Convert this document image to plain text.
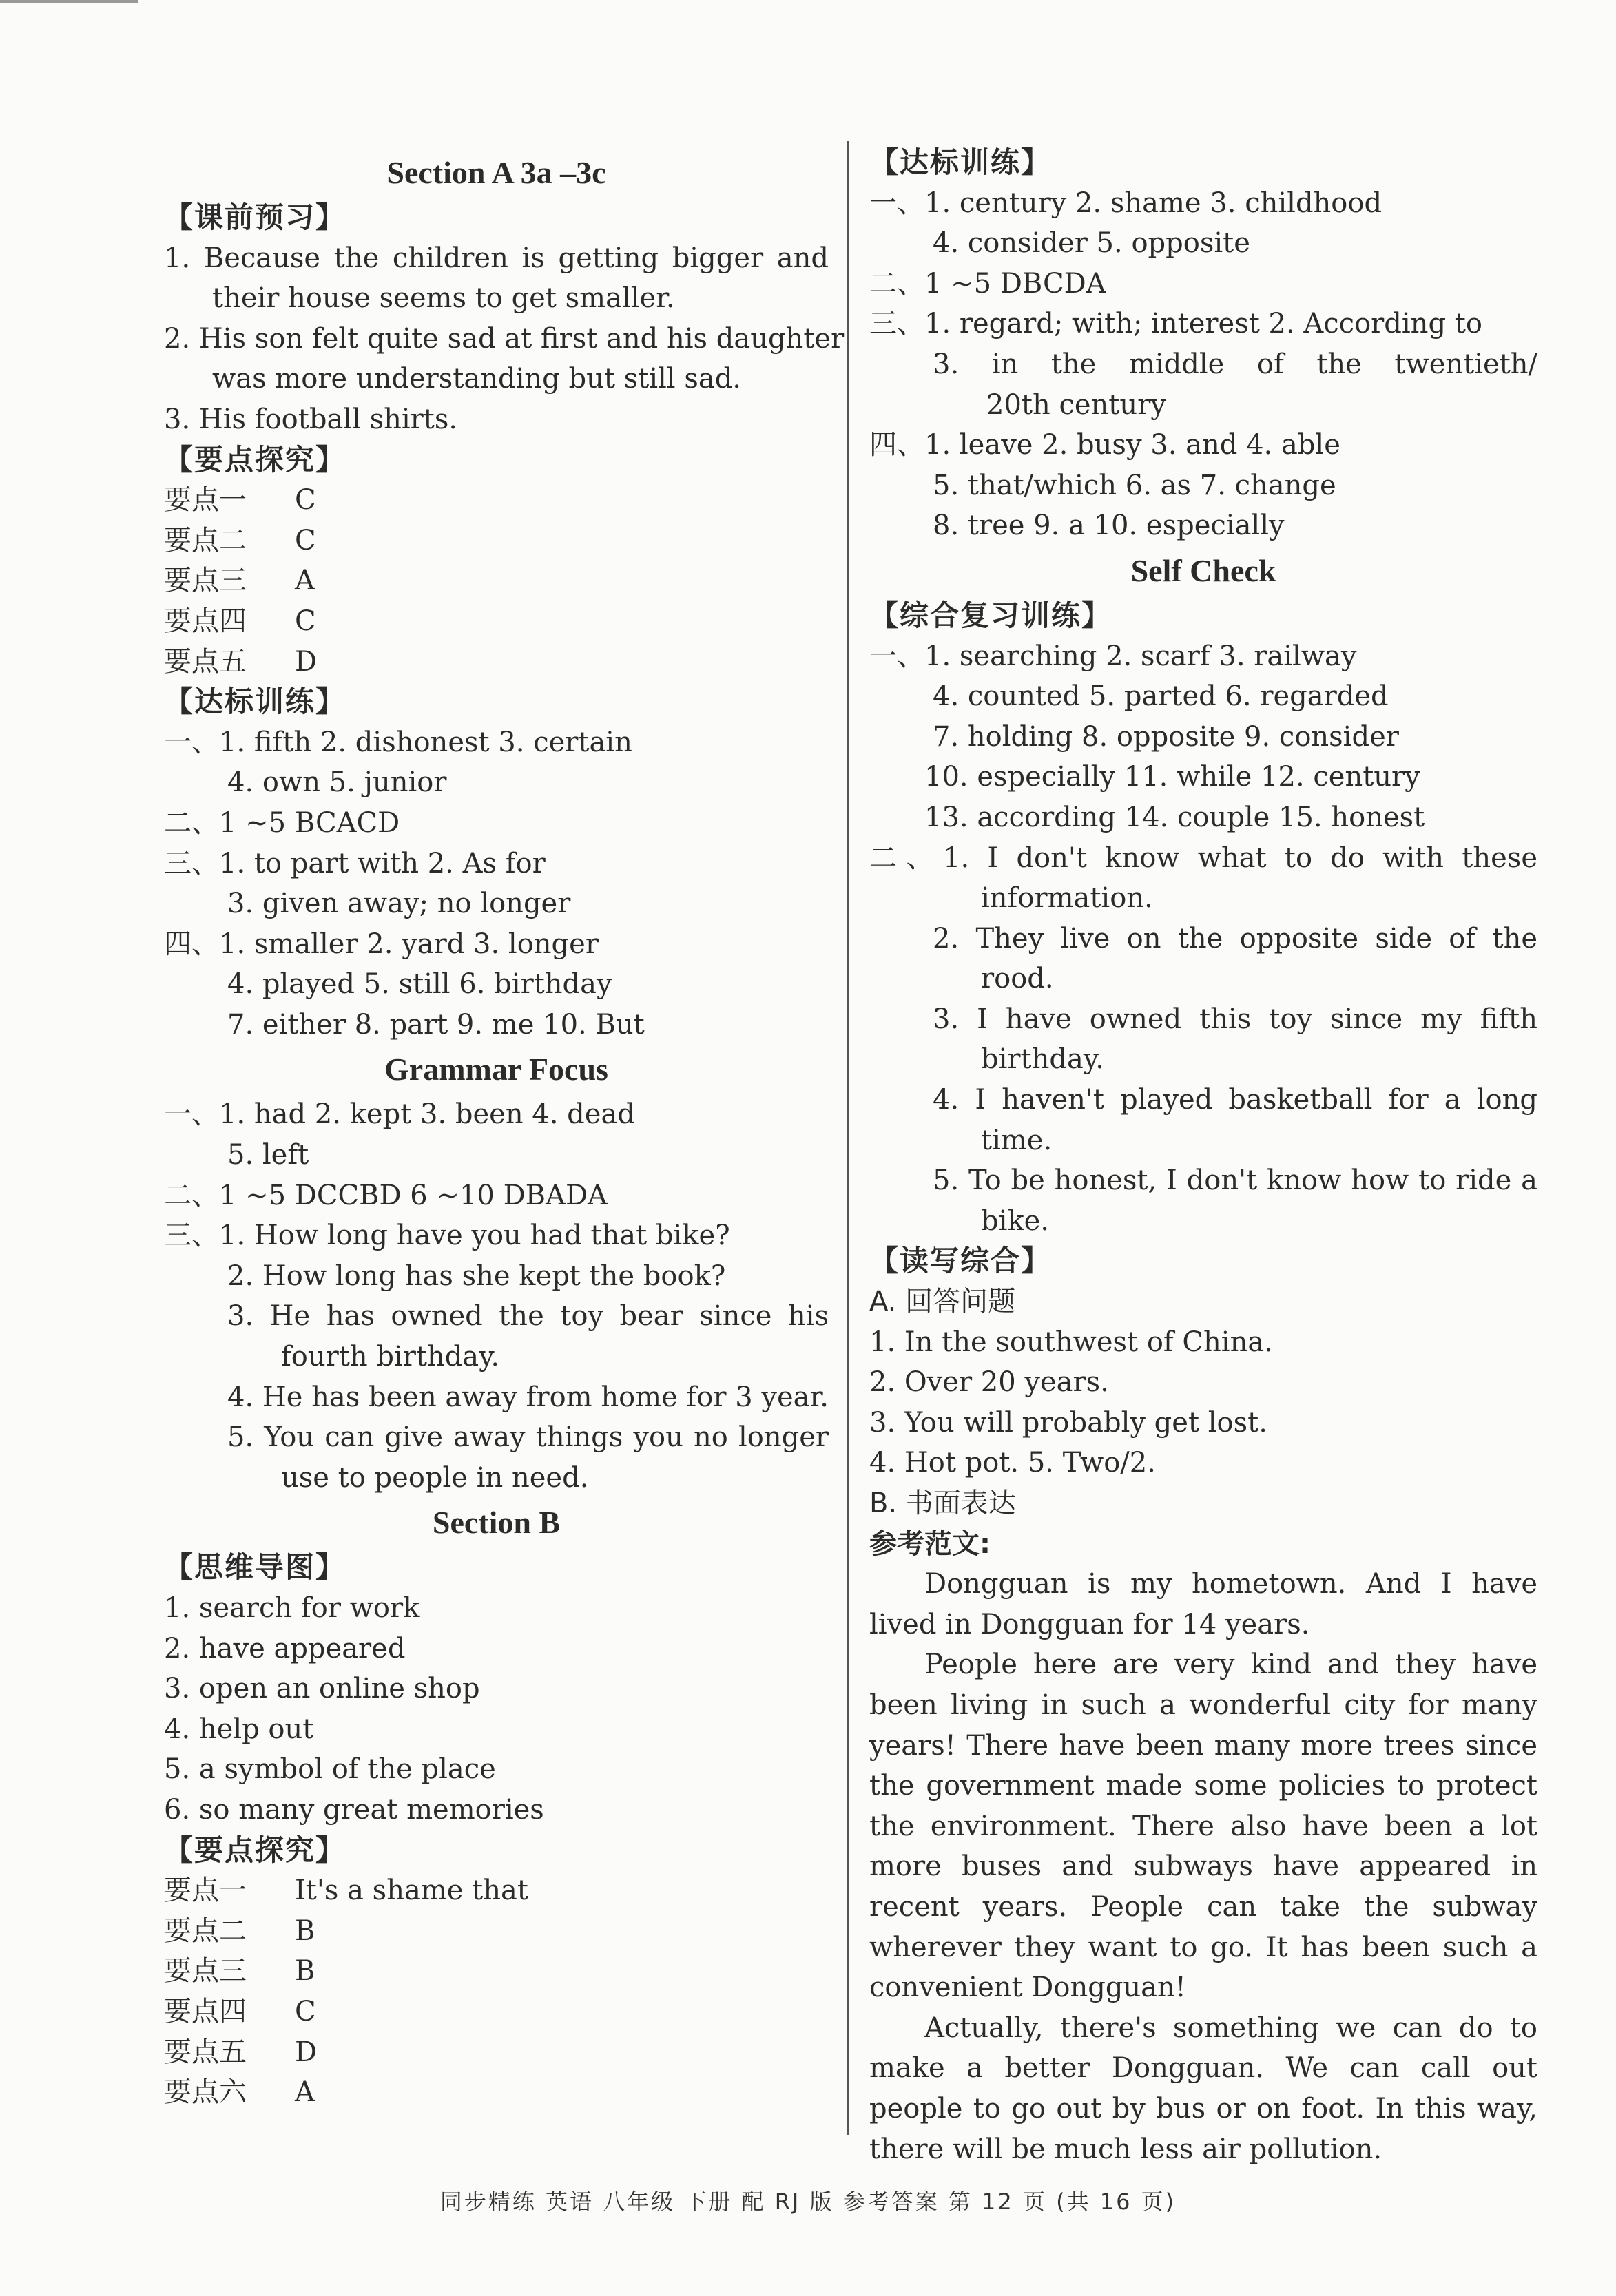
Section A 3a –3c
【课前预习】
1. Because the children is getting bigger and
their house seems to get smaller.
2. His son felt quite sad at first and his daughter
was more understanding but still sad.
3. His football shirts.
【要点探究】
要点一 C
要点二 C
要点三 A
要点四 C
要点五 D
【达标训练】
一、1. fifth 2. dishonest 3. certain
4. own 5. junior
二、1 ~5 BCACD
三、1. to part with 2. As for
3. given away; no longer
四、1. smaller 2. yard 3. longer
4. played 5. still 6. birthday
7. either 8. part 9. me 10. But
Grammar Focus
一、1. had 2. kept 3. been 4. dead
5. left
二、1 ~5 DCCBD 6 ~10 DBADA
三、1. How long have you had that bike?
2. How long has she kept the book?
3. He has owned the toy bear since his
fourth birthday.
4. He has been away from home for 3 year.
5. You can give away things you no longer
use to people in need.
Section B
【思维导图】
1. search for work
2. have appeared
3. open an online shop
4. help out
5. a symbol of the place
6. so many great memories
【要点探究】
要点一 It's a shame that
要点二 B
要点三 B
要点四 C
要点五 D
要点六 A
【达标训练】
一、1. century 2. shame 3. childhood
4. consider 5. opposite
二、1 ~5 DBCDA
三、1. regard; with; interest 2. According to
3. in the middle of the twentieth/
20th century
四、1. leave 2. busy 3. and 4. able
5. that/which 6. as 7. change
8. tree 9. a 10. especially
Self Check
【综合复习训练】
一、1. searching 2. scarf 3. railway
4. counted 5. parted 6. regarded
7. holding 8. opposite 9. consider
10. especially 11. while 12. century
13. according 14. couple 15. honest
二、1. I don't know what to do with these
information.
2. They live on the opposite side of the
rood.
3. I have owned this toy since my fifth
birthday.
4. I haven't played basketball for a long
time.
5. To be honest, I don't know how to ride a
bike.
【读写综合】
A. 回答问题
1. In the southwest of China.
2. Over 20 years.
3. You will probably get lost.
4. Hot pot. 5. Two/2.
B. 书面表达
参考范文:
Dongguan is my hometown. And I have lived in Dongguan for 14 years.
People here are very kind and they have been living in such a wonderful city for many years! There have been many more trees since the government made some policies to protect the environment. There also have been a lot more buses and subways have appeared in recent years. People can take the subway wherever they want to go. It has been such a convenient Dongguan!
Actually, there's something we can do to make a better Dongguan. We can call out people to go out by bus or on foot. In this way, there will be much less air pollution.
同步精练 英语 八年级 下册 配 RJ 版 参考答案 第 12 页 (共 16 页)
